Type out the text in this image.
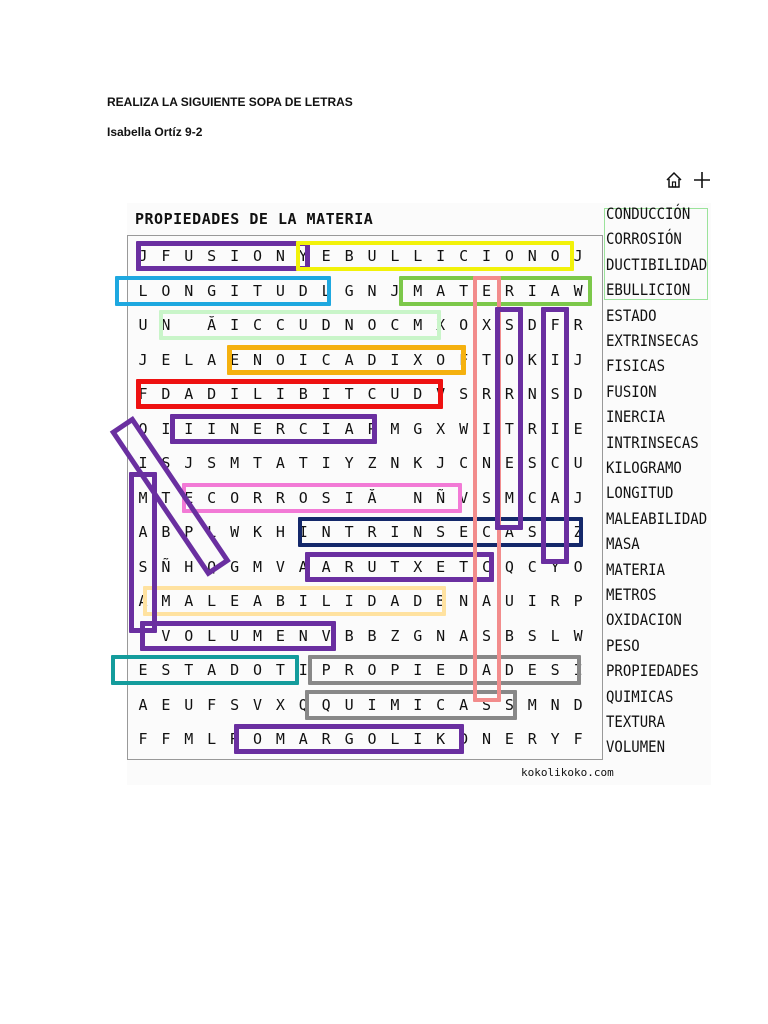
REALIZA LA SIGUIENTE SOPA DE LETRAS
Isabella Ortíz 9-2
PROPIEDADES DE LA MATERIA
J F U S I O N Y E B U L L I C I O N O J
L O N G I T U D L G N J M A T E R I A W
U N	Ă I C C U D N O C M X O X S D F R
J E L A E N O I C A D I X O F T O K I J
F D A D I L I B I T C U D V S R R N S D
O I I I N E R C I A P M G X W I T R I E
I S J S M T A T I Y Z N K J C N E S C U
M T E C O R R O S I Ă	N Ñ V S M C A J
A B P L W K H I N T R I N S E C A S	Z
S Ñ H Q G M V A A R U T X E T C Q C Y O
A M A L E A B I L I D A D B N A U I R P
T V O L U M E N V B B Z G N A S B S L W
E S T A D O T I P R O P I E D A D E S I
A E U F S V X Q Q U I M I C A S S M N D
F F M L R O M A R G O L I K D N E R Y F
CONDUCCIÓN
CORROSIÓN
DUCTIBILIDAD
EBULLICION
ESTADO
EXTRINSECAS
FISICAS
FUSION
INERCIA
INTRINSECAS
KILOGRAMO
LONGITUD
MALEABILIDAD
MASA
MATERIA
METROS
OXIDACION
PESO
PROPIEDADES
QUIMICAS
TEXTURA
VOLUMEN
kokolikoko.com
